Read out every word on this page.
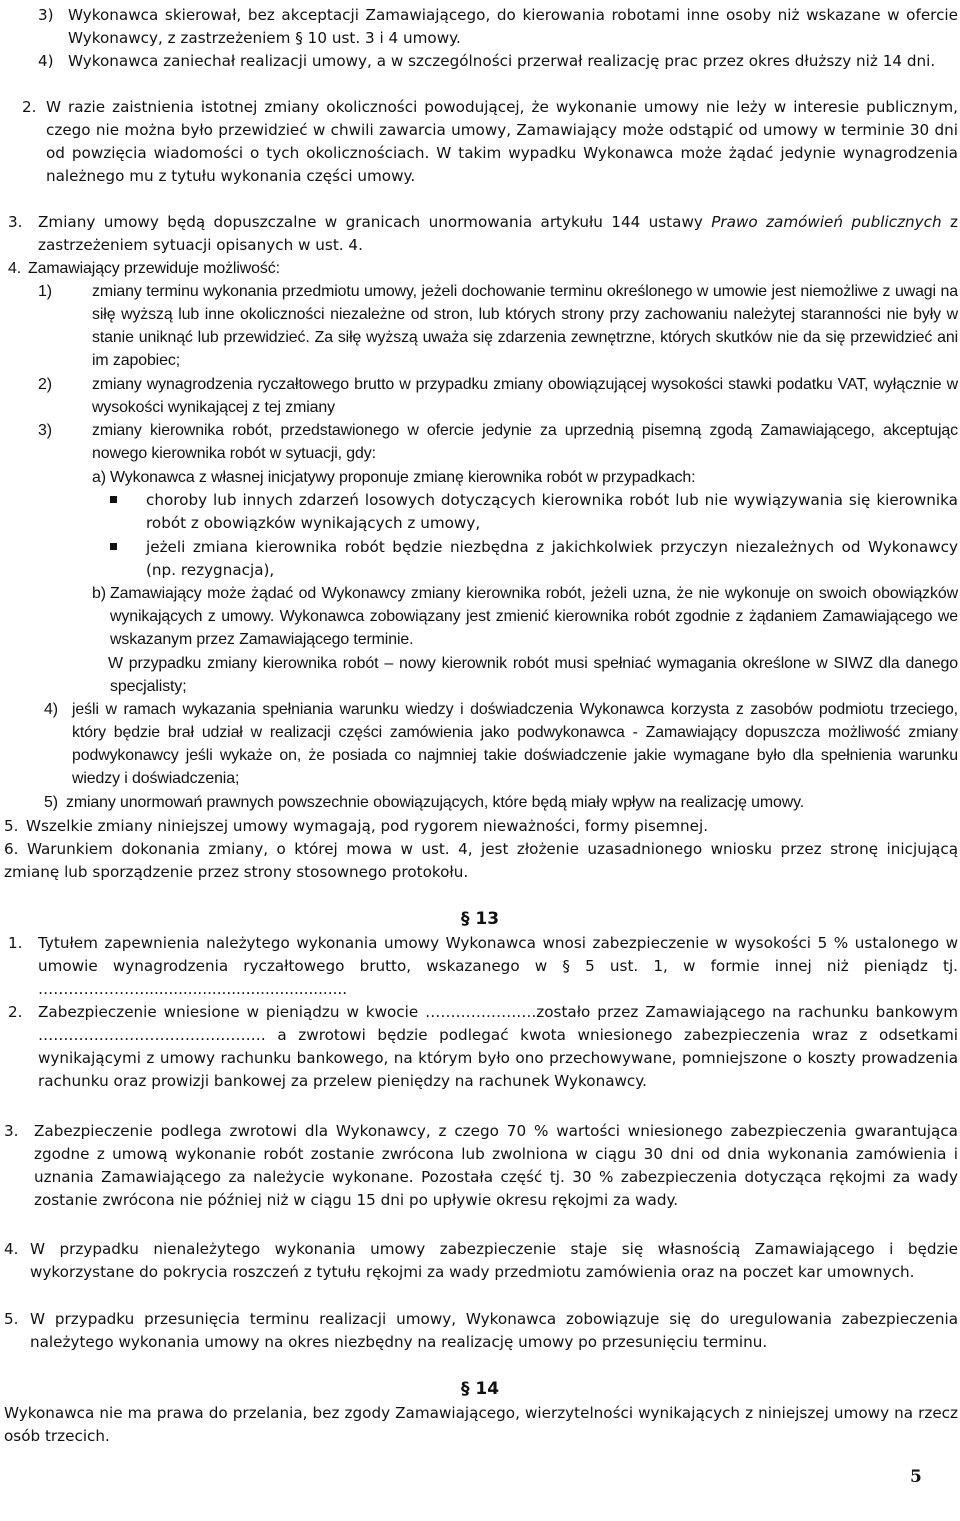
3) Wykonawca skierował, bez akceptacji Zamawiającego, do kierowania robotami inne osoby niż wskazane w ofercie Wykonawcy, z zastrzeżeniem § 10 ust. 3 i 4 umowy.

4) Wykonawca zaniechał realizacji umowy, a w szczególności przerwał realizację prac przez okres dłuższy niż 14 dni.

2. W razie zaistnienia istotnej zmiany okoliczności powodującej, że wykonanie umowy nie leży w interesie publicznym, czego nie można było przewidzieć w chwili zawarcia umowy, Zamawiający może odstąpić od umowy w terminie 30 dni od powzięcia wiadomości o tych okolicznościach. W takim wypadku Wykonawca może żądać jedynie wynagrodzenia należnego mu z tytułu wykonania części umowy.

3. Zmiany umowy będą dopuszczalne w granicach unormowania artykułu 144 ustawy Prawo zamówień publicznych z zastrzeżeniem sytuacji opisanych w ust. 4.

4. Zamawiający przewiduje możliwość:

1)	zmiany terminu wykonania przedmiotu umowy, jeżeli dochowanie terminu określonego w umowie jest niemożliwe z uwagi na siłę wyższą lub inne okoliczności niezależne od stron, lub których strony przy zachowaniu należytej staranności nie były w stanie uniknąć lub przewidzieć. Za siłę wyższą uważa się zdarzenia zewnętrzne, których skutków nie da się przewidzieć ani im zapobiec;

2)	zmiany wynagrodzenia ryczałtowego brutto w przypadku zmiany obowiązującej wysokości stawki podatku VAT, wyłącznie w wysokości wynikającej z tej zmiany

3)	zmiany kierownika robót, przedstawionego w ofercie jedynie za uprzednią pisemną zgodą Zamawiającego, akceptując nowego kierownika robót w sytuacji, gdy:

a) Wykonawca z własnej inicjatywy proponuje zmianę kierownika robót w przypadkach:

choroby lub innych zdarzeń losowych dotyczących kierownika robót lub nie wywiązywania się kierownika robót z obowiązków wynikających z umowy,

jeżeli zmiana kierownika robót będzie niezbędna z jakichkolwiek przyczyn niezależnych od Wykonawcy (np. rezygnacja),

b) Zamawiający może żądać od Wykonawcy zmiany kierownika robót, jeżeli uzna, że nie wykonuje on swoich obowiązków wynikających z umowy. Wykonawca zobowiązany jest zmienić kierownika robót zgodnie z żądaniem Zamawiającego we wskazanym przez Zamawiającego terminie.

W przypadku zmiany kierownika robót – nowy kierownik robót musi spełniać wymagania określone w SIWZ dla danego specjalisty;

4) jeśli w ramach wykazania spełniania warunku wiedzy i doświadczenia Wykonawca korzysta z zasobów podmiotu trzeciego, który będzie brał udział w realizacji części zamówienia jako podwykonawca - Zamawiający dopuszcza możliwość zmiany podwykonawcy jeśli wykaże on, że posiada co najmniej takie doświadczenie jakie wymagane było dla spełnienia warunku wiedzy i doświadczenia;

5) zmiany unormowań prawnych powszechnie obowiązujących, które będą miały wpływ na realizację umowy.

5. Wszelkie zmiany niniejszej umowy wymagają, pod rygorem nieważności, formy pisemnej.

6. Warunkiem dokonania zmiany, o której mowa w ust. 4, jest złożenie uzasadnionego wniosku przez stronę inicjującą zmianę lub sporządzenie przez strony stosownego protokołu.

§ 13
1. Tytułem zapewnienia należytego wykonania umowy Wykonawca wnosi zabezpieczenie w wysokości 5 % ustalonego w umowie wynagrodzenia ryczałtowego brutto, wskazanego w § 5 ust. 1, w formie innej niż pieniądz tj. …………………..........................................

2. Zabezpieczenie wniesione w pieniądzu w kwocie ………………….zostało przez Zamawiającego na rachunku bankowym ……………………………………… a zwrotowi będzie podlegać kwota wniesionego zabezpieczenia wraz z odsetkami wynikającymi z umowy rachunku bankowego, na którym było ono przechowywane, pomniejszone o koszty prowadzenia rachunku oraz prowizji bankowej za przelew pieniędzy na rachunek Wykonawcy.

3. Zabezpieczenie podlega zwrotowi dla Wykonawcy, z czego 70 % wartości wniesionego zabezpieczenia gwarantująca zgodne z umową wykonanie robót zostanie zwrócona lub zwolniona w ciągu 30 dni od dnia wykonania zamówienia i uznania Zamawiającego za należycie wykonane. Pozostała część tj. 30 % zabezpieczenia dotycząca rękojmi za wady zostanie zwrócona nie później niż w ciągu 15 dni po upływie okresu rękojmi za wady.

4. W przypadku nienależytego wykonania umowy zabezpieczenie staje się własnością Zamawiającego i będzie wykorzystane do pokrycia roszczeń z tytułu rękojmi za wady przedmiotu zamówienia oraz na poczet kar umownych.

5. W przypadku przesunięcia terminu realizacji umowy, Wykonawca zobowiązuje się do uregulowania zabezpieczenia należytego wykonania umowy na okres niezbędny na realizację umowy po przesunięciu terminu.

§ 14

Wykonawca nie ma prawa do przelania, bez zgody Zamawiającego, wierzytelności wynikających z niniejszej umowy na rzecz osób trzecich.

5
